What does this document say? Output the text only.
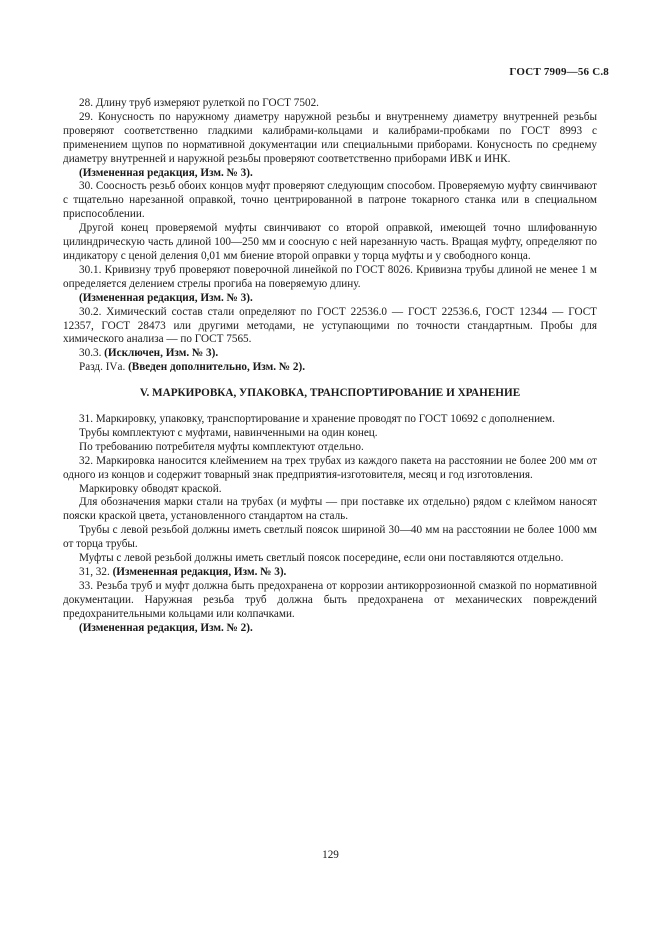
ГОСТ 7909—56 С.8

28. Длину труб измеряют рулеткой по ГОСТ 7502.

29. Конусность по наружному диаметру наружной резьбы и внутреннему диаметру внутренней резьбы проверяют соответственно гладкими калибрами-кольцами и калибрами-пробками по ГОСТ 8993 с применением щупов по нормативной документации или специальными приборами. Конусность по среднему диаметру внутренней и наружной резьбы проверяют соответственно приборами ИВК и ИНК.

(Измененная редакция, Изм. № 3).

30. Соосность резьб обоих концов муфт проверяют следующим способом. Проверяемую муфту свинчивают с тщательно нарезанной оправкой, точно центрированной в патроне токарного станка или в специальном приспособлении.

Другой конец проверяемой муфты свинчивают со второй оправкой, имеющей точно шлифованную цилиндрическую часть длиной 100—250 мм и соосную с ней нарезанную часть. Вращая муфту, определяют по индикатору с ценой деления 0,01 мм биение второй оправки у торца муфты и у свободного конца.

30.1. Кривизну труб проверяют поверочной линейкой по ГОСТ 8026. Кривизна трубы длиной не менее 1 м определяется делением стрелы прогиба на поверяемую длину.

(Измененная редакция, Изм. № 3).

30.2. Химический состав стали определяют по ГОСТ 22536.0 — ГОСТ 22536.6, ГОСТ 12344 — ГОСТ 12357, ГОСТ 28473 или другими методами, не уступающими по точности стандартным. Пробы для химического анализа — по ГОСТ 7565.

30.3. (Исключен, Изм. № 3).

Разд. IVа. (Введен дополнительно, Изм. № 2).

V. МАРКИРОВКА, УПАКОВКА, ТРАНСПОРТИРОВАНИЕ И ХРАНЕНИЕ

31. Маркировку, упаковку, транспортирование и хранение проводят по ГОСТ 10692 с дополнением.

Трубы комплектуют с муфтами, навинченными на один конец.

По требованию потребителя муфты комплектуют отдельно.

32. Маркировка наносится клеймением на трех трубах из каждого пакета на расстоянии не более 200 мм от одного из концов и содержит товарный знак предприятия-изготовителя, месяц и год изготовления.

Маркировку обводят краской.

Для обозначения марки стали на трубах (и муфты — при поставке их отдельно) рядом с клеймом наносят пояски краской цвета, установленного стандартом на сталь.

Трубы с левой резьбой должны иметь светлый поясок шириной 30—40 мм на расстоянии не более 1000 мм от торца трубы.

Муфты с левой резьбой должны иметь светлый поясок посередине, если они поставляются отдельно.

31, 32. (Измененная редакция, Изм. № 3).

33. Резьба труб и муфт должна быть предохранена от коррозии антикоррозионной смазкой по нормативной документации. Наружная резьба труб должна быть предохранена от механических повреждений предохранительными кольцами или колпачками.

(Измененная редакция, Изм. № 2).

129
